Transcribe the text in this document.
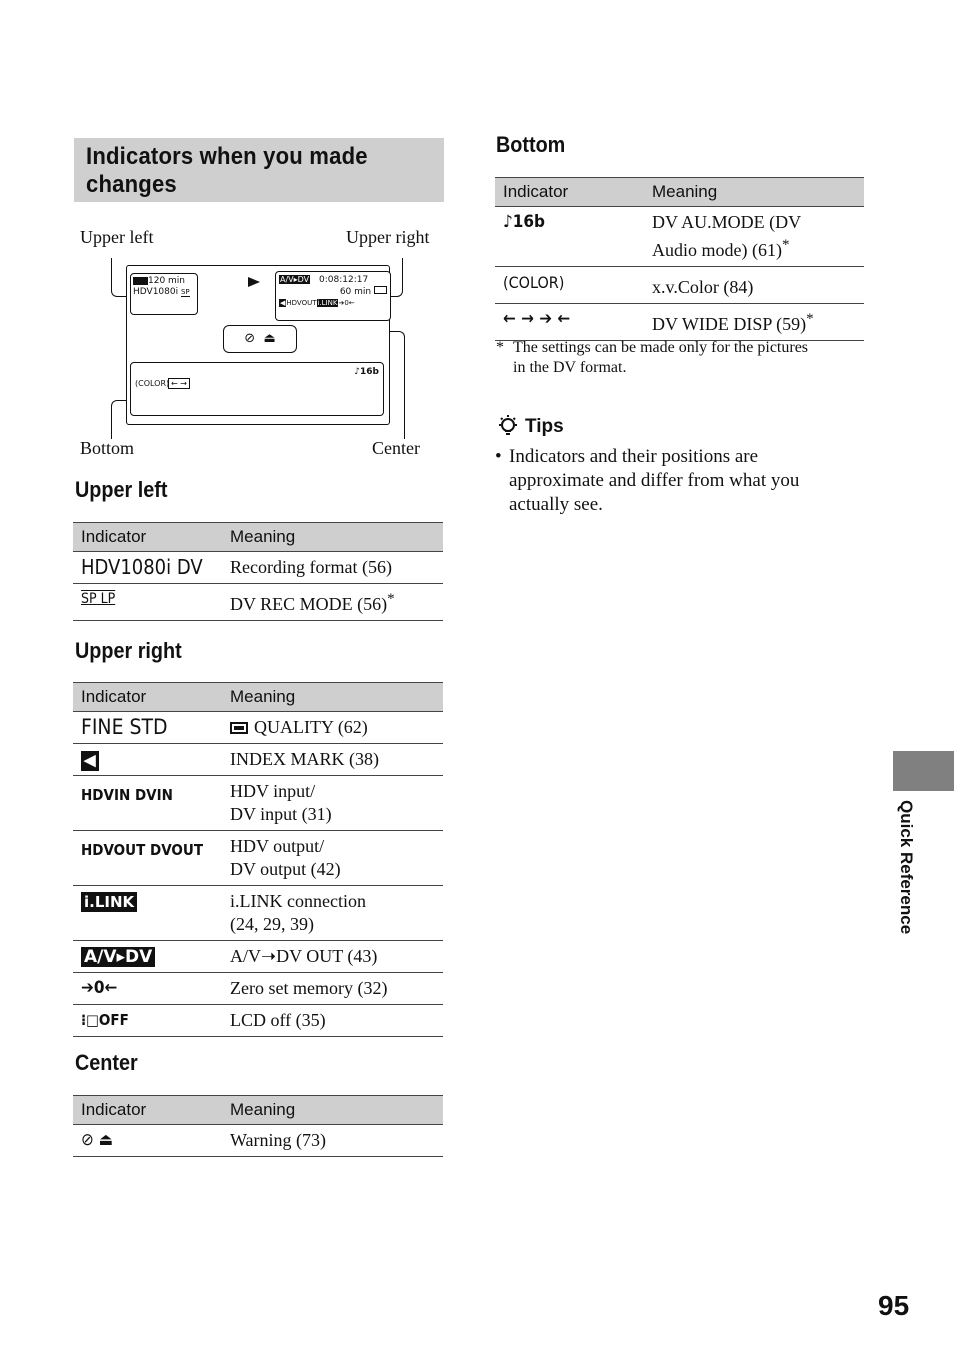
Indicators when you made changes
Upper left	Upper right
Bottom	Center
120 min
HDV1080i SP
A/V▸DV 0:08:12:17
60 min
◀HDVOUTi.LINK➔0←
⊘ ⏏
♪16b
(COLOR) ← →
Upper left
Indicator	Meaning
HDV1080i DV	Recording format (56)
SP LP	DV REC MODE (56)*
Upper right
Indicator	Meaning
FINE STD	QUALITY (62)
◀	INDEX MARK (38)
HDVIN DVIN	HDV input/
DV input (31)

HDVOUT DVOUT	HDV output/
DV output (42)

i.LINK	i.LINK connection
(24, 29, 39)

A/V▸DV	A/V➝DV OUT (43)
➔0←	Zero set memory (32)
⁝□OFF	LCD off (35)
Center
Indicator	Meaning
⊘ ⏏	Warning (73)
Bottom
Indicator	Meaning
♪16b	DV AU.MODE (DV
Audio mode) (61)*

(COLOR)	x.v.Color (84)
← → ➔ ←	DV WIDE DISP (59)*
* The settings can be made only for the pictures
in the DV format.
Tips
• Indicators and their positions are
approximate and differ from what you
actually see.
Quick Reference
95
